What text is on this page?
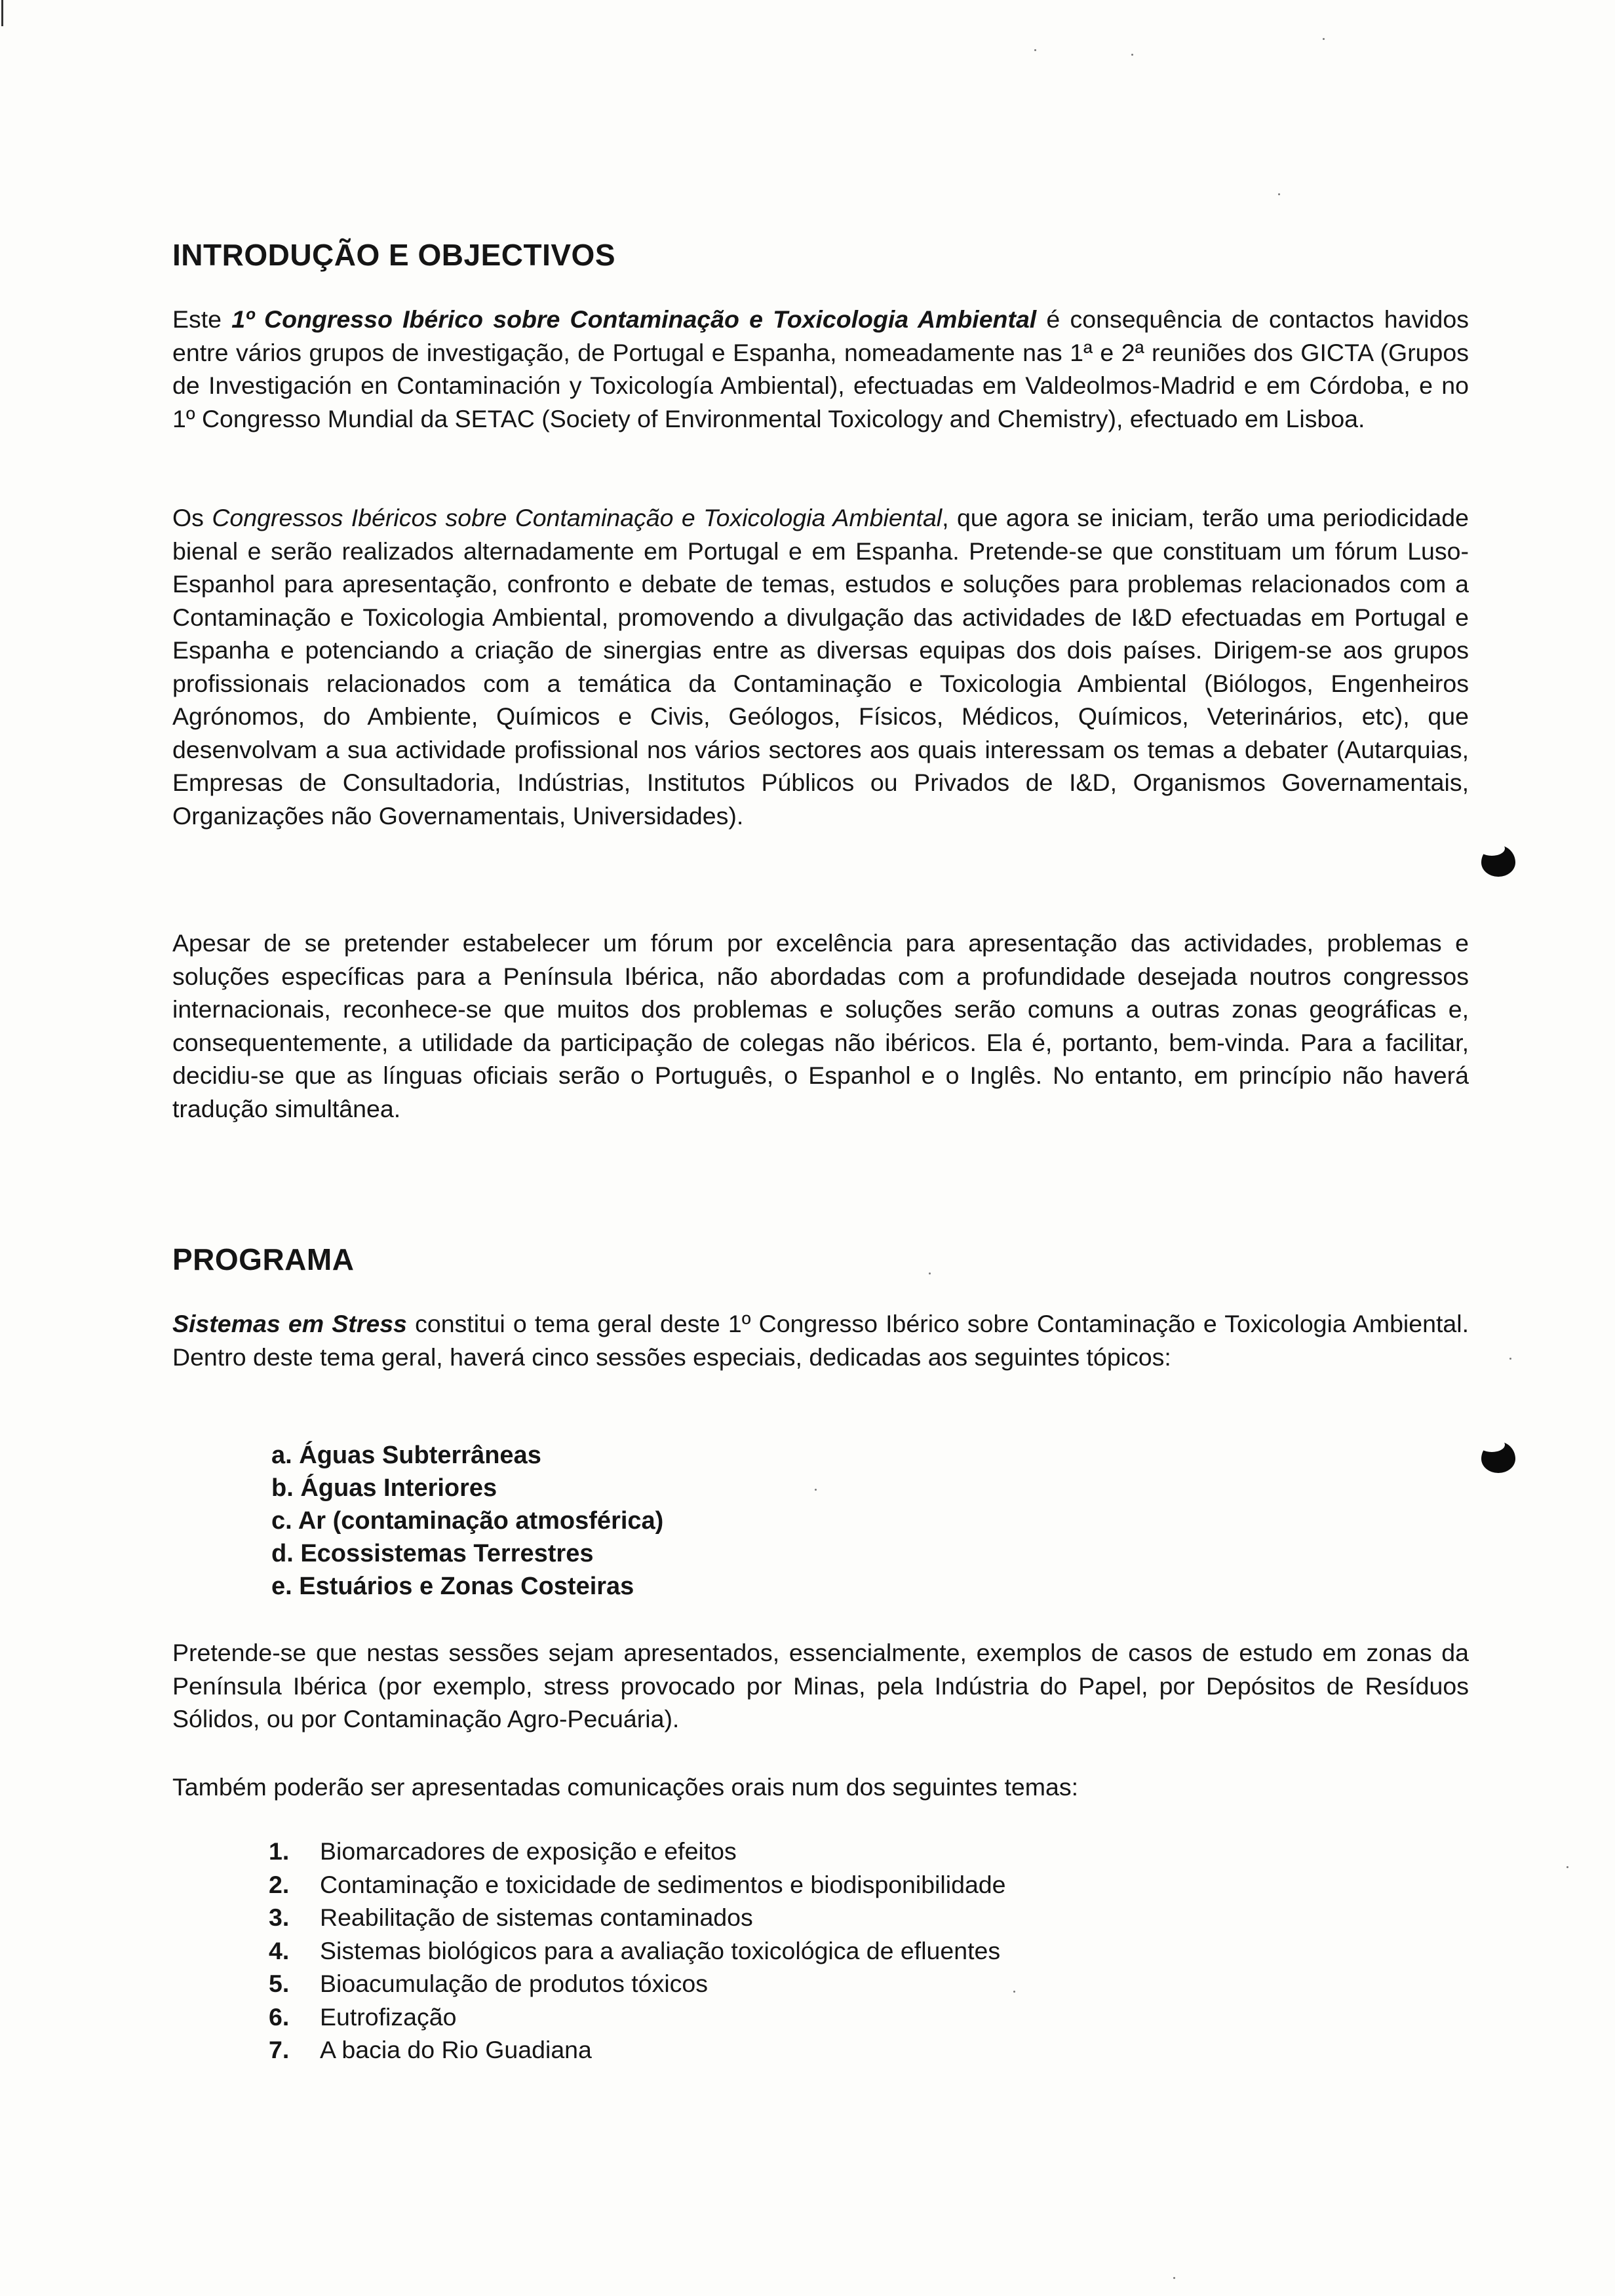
INTRODUÇÃO E OBJECTIVOS

Este 1º Congresso Ibérico sobre Contaminação e Toxicologia Ambiental é consequência de contactos havidos entre vários grupos de investigação, de Portugal e Espanha, nomeadamente nas 1ª e 2ª reuniões dos GICTA (Grupos de Investigación en Contaminación y Toxicología Ambiental), efectuadas em Valdeolmos-Madrid e em Córdoba, e no 1º Congresso Mundial da SETAC (Society of Environmental Toxicology and Chemistry), efectuado em Lisboa.

Os Congressos Ibéricos sobre Contaminação e Toxicologia Ambiental, que agora se iniciam, terão uma periodicidade bienal e serão realizados alternadamente em Portugal e em Espanha. Pretende-se que constituam um fórum Luso-Espanhol para apresentação, confronto e debate de temas, estudos e soluções para problemas relacionados com a Contaminação e Toxicologia Ambiental, promovendo a divulgação das actividades de I&D efectuadas em Portugal e Espanha e potenciando a criação de sinergias entre as diversas equipas dos dois países. Dirigem-se aos grupos profissionais relacionados com a temática da Contaminação e Toxicologia Ambiental (Biólogos, Engenheiros Agrónomos, do Ambiente, Químicos e Civis, Geólogos, Físicos, Médicos, Químicos, Veterinários, etc), que desenvolvam a sua actividade profissional nos vários sectores aos quais interessam os temas a debater (Autarquias, Empresas de Consultadoria, Indústrias, Institutos Públicos ou Privados de I&D, Organismos Governamentais, Organizações não Governamentais, Universidades).

Apesar de se pretender estabelecer um fórum por excelência para apresentação das actividades, problemas e soluções específicas para a Península Ibérica, não abordadas com a profundidade desejada noutros congressos internacionais, reconhece-se que muitos dos problemas e soluções serão comuns a outras zonas geográficas e, consequentemente, a utilidade da participação de colegas não ibéricos. Ela é, portanto, bem-vinda. Para a facilitar, decidiu-se que as línguas oficiais serão o Português, o Espanhol e o Inglês. No entanto, em princípio não haverá tradução simultânea.

PROGRAMA

Sistemas em Stress constitui o tema geral deste 1º Congresso Ibérico sobre Contaminação e Toxicologia Ambiental. Dentro deste tema geral, haverá cinco sessões especiais, dedicadas aos seguintes tópicos:

a. Águas Subterrâneas
b. Águas Interiores
c. Ar (contaminação atmosférica)
d. Ecossistemas Terrestres
e. Estuários e Zonas Costeiras

Pretende-se que nestas sessões sejam apresentados, essencialmente, exemplos de casos de estudo em zonas da Península Ibérica (por exemplo, stress provocado por Minas, pela Indústria do Papel, por Depósitos de Resíduos Sólidos, ou por Contaminação Agro-Pecuária).

Também poderão ser apresentadas comunicações orais num dos seguintes temas:

1.	Biomarcadores de exposição e efeitos
2.	Contaminação e toxicidade de sedimentos e biodisponibilidade
3.	Reabilitação de sistemas contaminados
4.	Sistemas biológicos para a avaliação toxicológica de efluentes
5.	Bioacumulação de produtos tóxicos
6.	Eutrofização
7.	A bacia do Rio Guadiana
